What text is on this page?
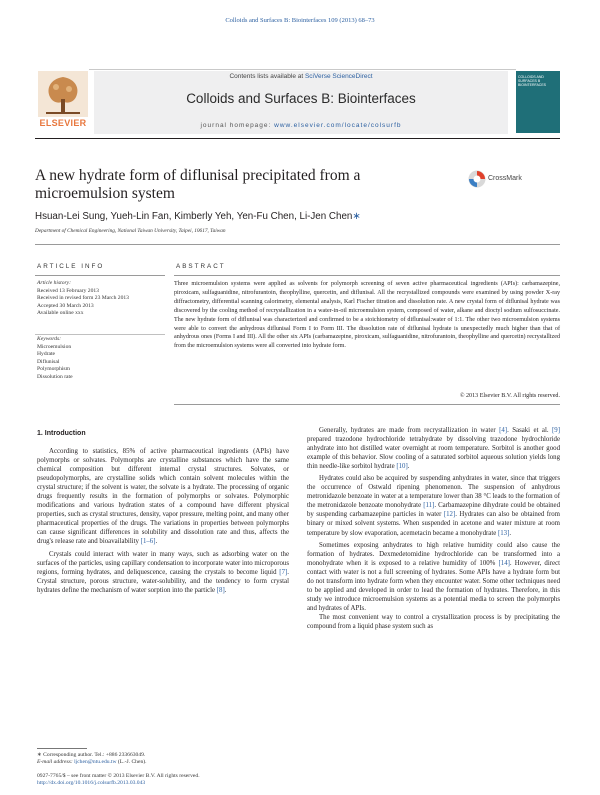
Colloids and Surfaces B: Biointerfaces 109 (2013) 68–73
ELSEVIER
Contents lists available at SciVerse ScienceDirect
Colloids and Surfaces B: Biointerfaces
journal homepage: www.elsevier.com/locate/colsurfb
COLLOIDS AND SURFACES B BIOINTERFACES
A new hydrate form of diflunisal precipitated from a
microemulsion system
CrossMark
Hsuan-Lei Sung, Yueh-Lin Fan, Kimberly Yeh, Yen-Fu Chen, Li-Jen Chen∗
Department of Chemical Engineering, National Taiwan University, Taipei, 10617, Taiwan
ARTICLE INFO
Article history:
Received 13 February 2013
Received in revised form 23 March 2013
Accepted 30 March 2013
Available online xxx
Keywords:
Microemulsion
Hydrate
Diflunisal
Polymorphism
Dissolution rate
ABSTRACT
Three microemulsion systems were applied as solvents for polymorph screening of seven active pharmaceutical ingredients (APIs): carbamazepine, piroxicam, sulfaguanidine, nitrofurantoin, theophylline, quercetin, and diflunisal. All the recrystallized compounds were examined by using powder X-ray diffractometry, differential scanning calorimetry, elemental analysis, Karl Fischer titration and dissolution rate. A new crystal form of diflunisal hydrate was discovered by the cooling method of recrystallization in a water-in-oil microemulsion system, composed of water, alkane and dioctyl sodium sulfosuccinate. The new hydrate form of diflunisal was characterized and confirmed to be a stoichiometry of diflunisal:water of 1:1. The other two microemulsion systems were able to convert the anhydrous diflunisal Form I to Form III. The dissolution rate of diflunisal hydrate is unexpectedly much higher than that of anhydrous ones (Forms I and III). All the other six APIs (carbamazepine, piroxicam, sulfaguanidine, nitrofurantoin, theophylline and quercetin) recrystallized from the microemulsion systems were all converted into hydrate form.
© 2013 Elsevier B.V. All rights reserved.
1. Introduction

According to statistics, 85% of active pharmaceutical ingredients (APIs) have polymorphs or solvates. Polymorphs are crystalline substances which have the same chemical composition but different internal crystal structures. Solvates, or pseudopolymorphs, are crystalline solids which contain solvent molecules within the crystal structure; if the solvent is water, the solvate is a hydrate. The processing of organic drugs frequently results in the formation of polymorphs or solvates. Polymorphic modifications and various hydration states of a compound have different physical properties, such as crystal structures, density, vapor pressure, melting point, and many other pharmaceutical properties of the drugs. The variations in properties between polymorphs can cause significant differences in solubility and dissolution rate and thus, affects the drug's release rate and bioavailability [1–6].

Crystals could interact with water in many ways, such as adsorbing water on the surfaces of the particles, using capillary condensation to incorporate water into microporous regions, forming hydrates, and deliquescence, causing the crystals to become liquid [7]. Crystal structure, porous structure, water-solubility, and the tendency to form crystal hydrates define the mechanism of water sorption into the particle [8].

Generally, hydrates are made from recrystallization in water [4]. Sasaki et al. [9] prepared trazodone hydrochloride tetrahydrate by dissolving trazodone hydrochloride anhydrate into hot distilled water overnight at room temperature. Sorbitol is another good example of this behavior. Slow cooling of a saturated sorbitol aqueous solution yields long thin needle-like sorbitol hydrate [10].

Hydrates could also be acquired by suspending anhydrates in water, since that triggers the occurrence of Ostwald ripening phenomenon. The suspension of anhydrous metronidazole benzoate in water at a temperature lower than 38 °C leads to the formation of the metronidazole benzoate monohydrate [11]. Carbamazepine dihydrate could be obtained by suspending carbamazepine particles in water [12]. Hydrates can also be obtained from binary or mixed solvent systems. When suspended in acetone and water mixture at room temperature by slow evaporation, acemetacin became a monohydrate [13].

Sometimes exposing anhydrates to high relative humidity could also cause the formation of hydrates. Dexmedetomidine hydrochloride can be transformed into a monohydrate when it is exposed to a relative humidity of 100% [14]. However, direct contact with water is not a full screening of hydrates. Some APIs have a hydrate form but do not transform into hydrate form when they encounter water. Some other techniques need to be applied and developed in order to lead the formation of hydrates. Therefore, in this study we introduce microemulsion systems as a potential media to screen the polymorphs and hydrates of APIs.

The most convenient way to control a crystallization process is by precipitating the compound from a liquid phase system such as

∗ Corresponding author. Tel.: +886 233663049.
E-mail address: ljchen@ntu.edu.tw (L.-J. Chen).
0927-7765/$ – see front matter © 2013 Elsevier B.V. All rights reserved.
http://dx.doi.org/10.1016/j.colsurfb.2013.03.043
